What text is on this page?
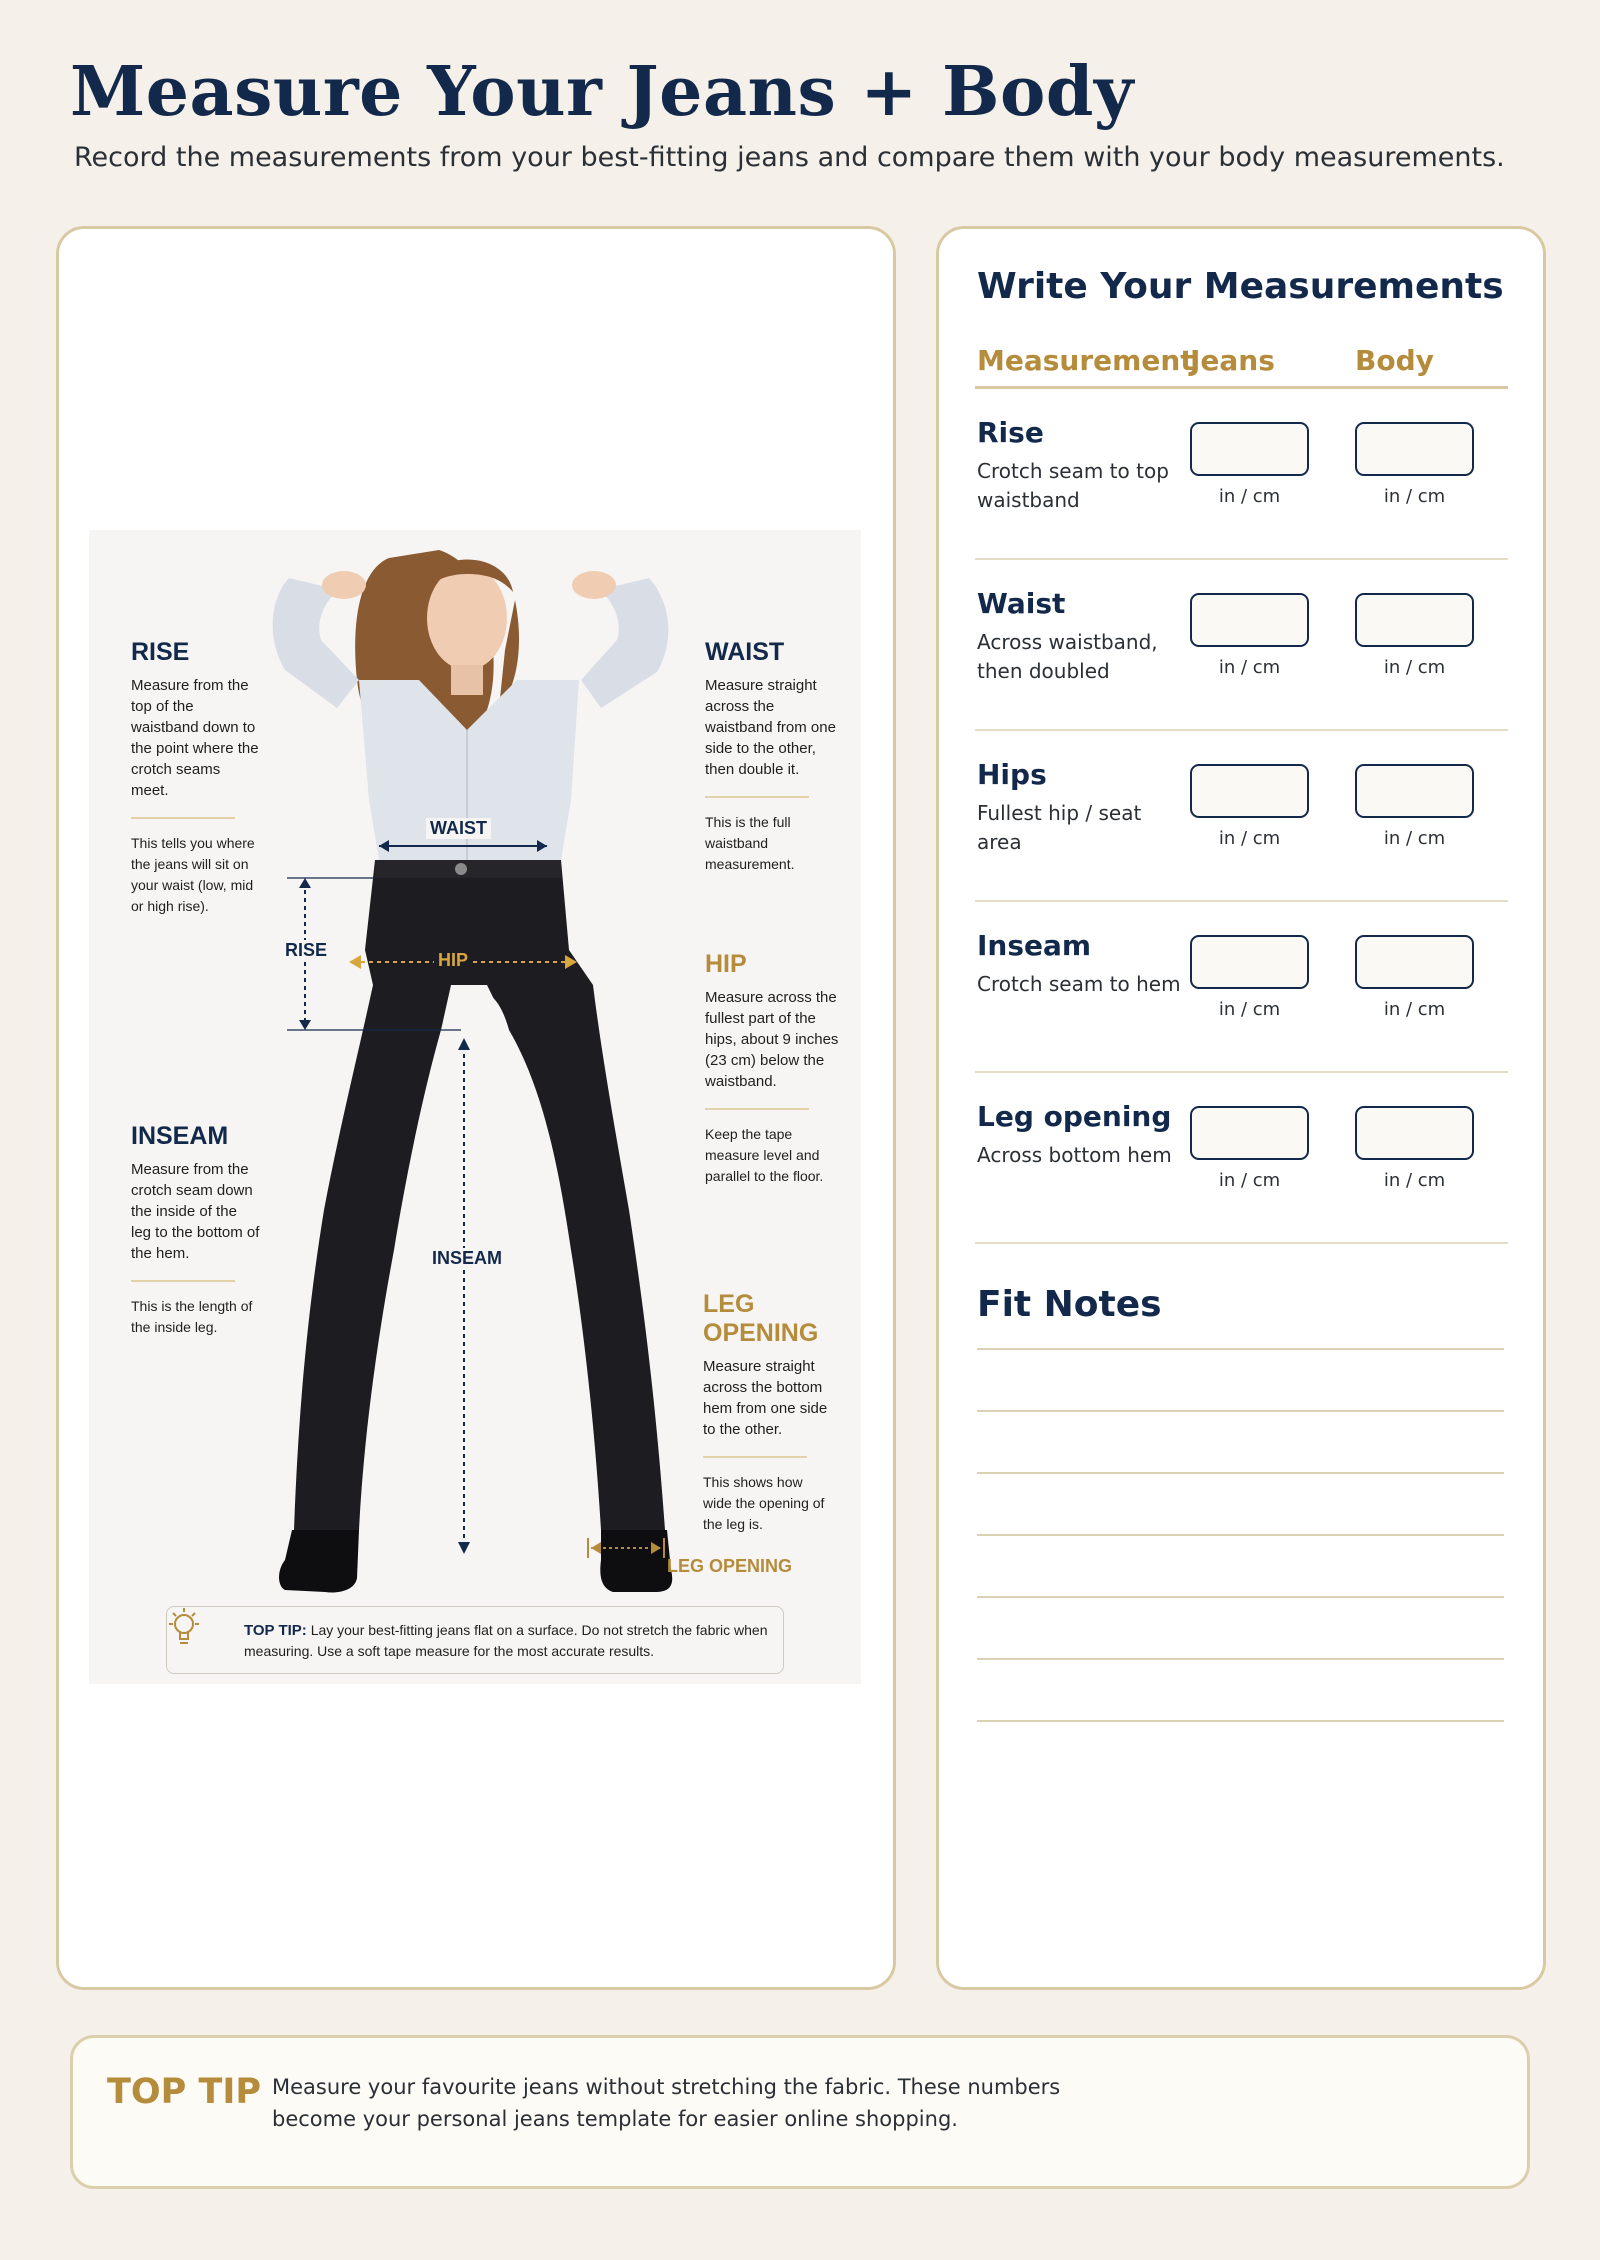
Measure Your Jeans + Body

Record the measurements from your best-fitting jeans and compare them with your body measurements.

RISE
Measure from the top of the waistband down to the point where the crotch seams meet.
This tells you where the jeans will sit on your waist (low, mid or high rise).
WAIST
Measure straight across the waistband from one side to the other, then double it.
This is the full waistband measurement.
HIP
Measure across the fullest part of the hips, about 9 inches (23 cm) below the waistband.
Keep the tape measure level and parallel to the floor.
INSEAM
Measure from the crotch seam down the inside of the leg to the bottom of the hem.
This is the length of the inside leg.
LEG OPENING
Measure straight across the bottom hem from one side to the other.
This shows how wide the opening of the leg is.
WAIST
RISE	HIP
INSEAM
LEG OPENING
TOP TIP: Lay your best-fitting jeans flat on a surface. Do not stretch the fabric when measuring. Use a soft tape measure for the most accurate results.
Write Your Measurements
Measurement
Jeans	Body
Rise
Crotch seam to top waistband	in / cm	in / cm
Waist
Across waistband, then doubled	in / cm	in / cm
Hips
Fullest hip / seat area	in / cm	in / cm
Inseam
Crotch seam to hem
in / cm	in / cm
Leg opening
Across bottom hem
in / cm	in / cm
Fit Notes
TOP TIP Measure your favourite jeans without stretching the fabric. These numbers become your personal jeans template for easier online shopping.
